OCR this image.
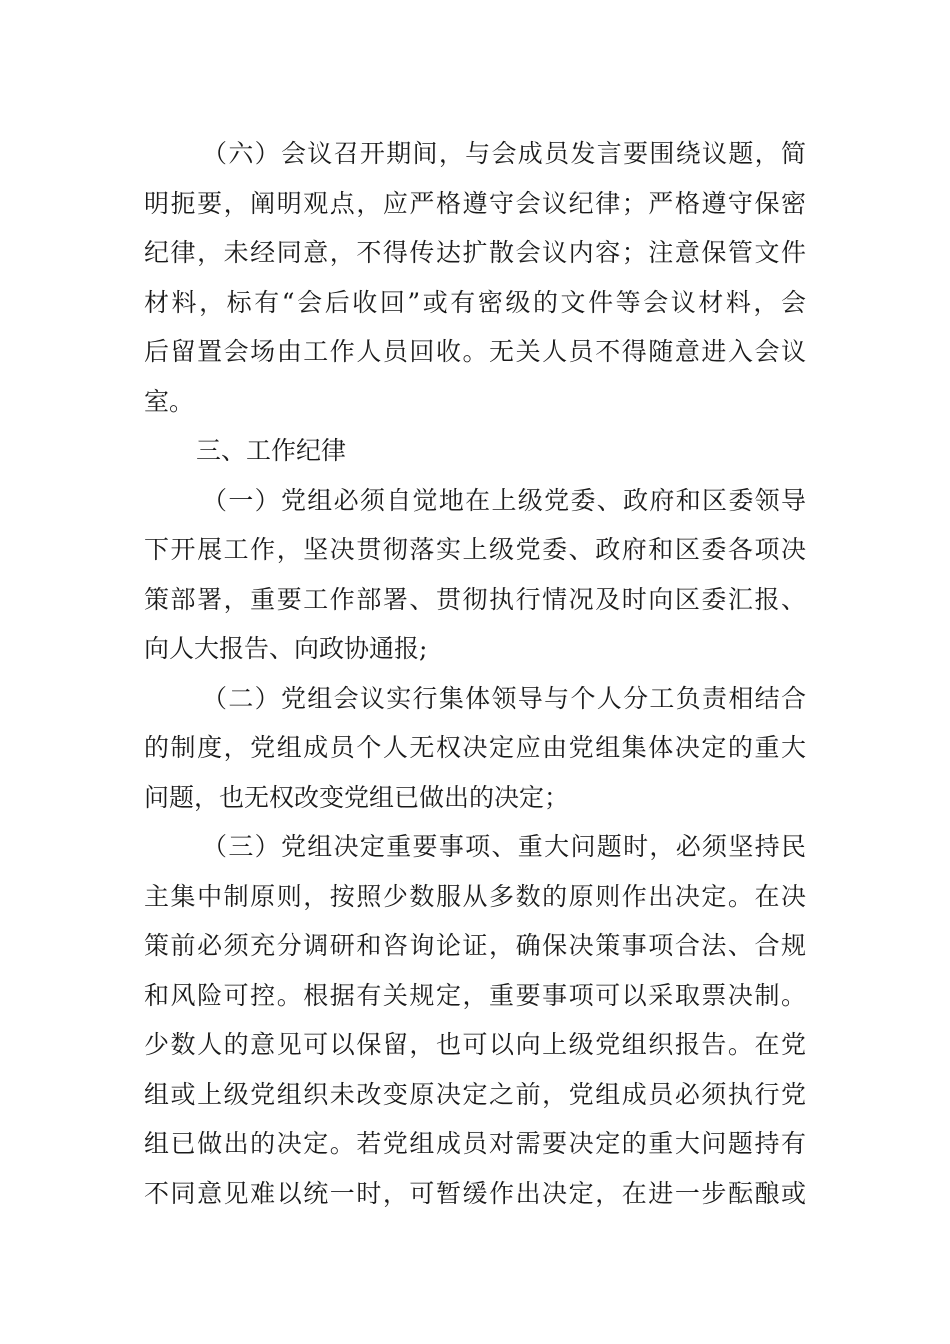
（六）会议召开期间，与会成员发言要围绕议题，简
明扼要，阐明观点，应严格遵守会议纪律；严格遵守保密
纪律，未经同意，不得传达扩散会议内容；注意保管文件
材料，标有“会后收回”或有密级的文件等会议材料，会
后留置会场由工作人员回收。无关人员不得随意进入会议
室。
三、工作纪律
（一）党组必须自觉地在上级党委、政府和区委领导
下开展工作，坚决贯彻落实上级党委、政府和区委各项决
策部署，重要工作部署、贯彻执行情况及时向区委汇报、
向人大报告、向政协通报;
（二）党组会议实行集体领导与个人分工负责相结合
的制度，党组成员个人无权决定应由党组集体决定的重大
问题，也无权改变党组已做出的决定；
（三）党组决定重要事项、重大问题时，必须坚持民
主集中制原则，按照少数服从多数的原则作出决定。在决
策前必须充分调研和咨询论证，确保决策事项合法、合规
和风险可控。根据有关规定，重要事项可以采取票决制。
少数人的意见可以保留，也可以向上级党组织报告。在党
组或上级党组织未改变原决定之前，党组成员必须执行党
组已做出的决定。若党组成员对需要决定的重大问题持有
不同意见难以统一时，可暂缓作出决定，在进一步酝酿或
